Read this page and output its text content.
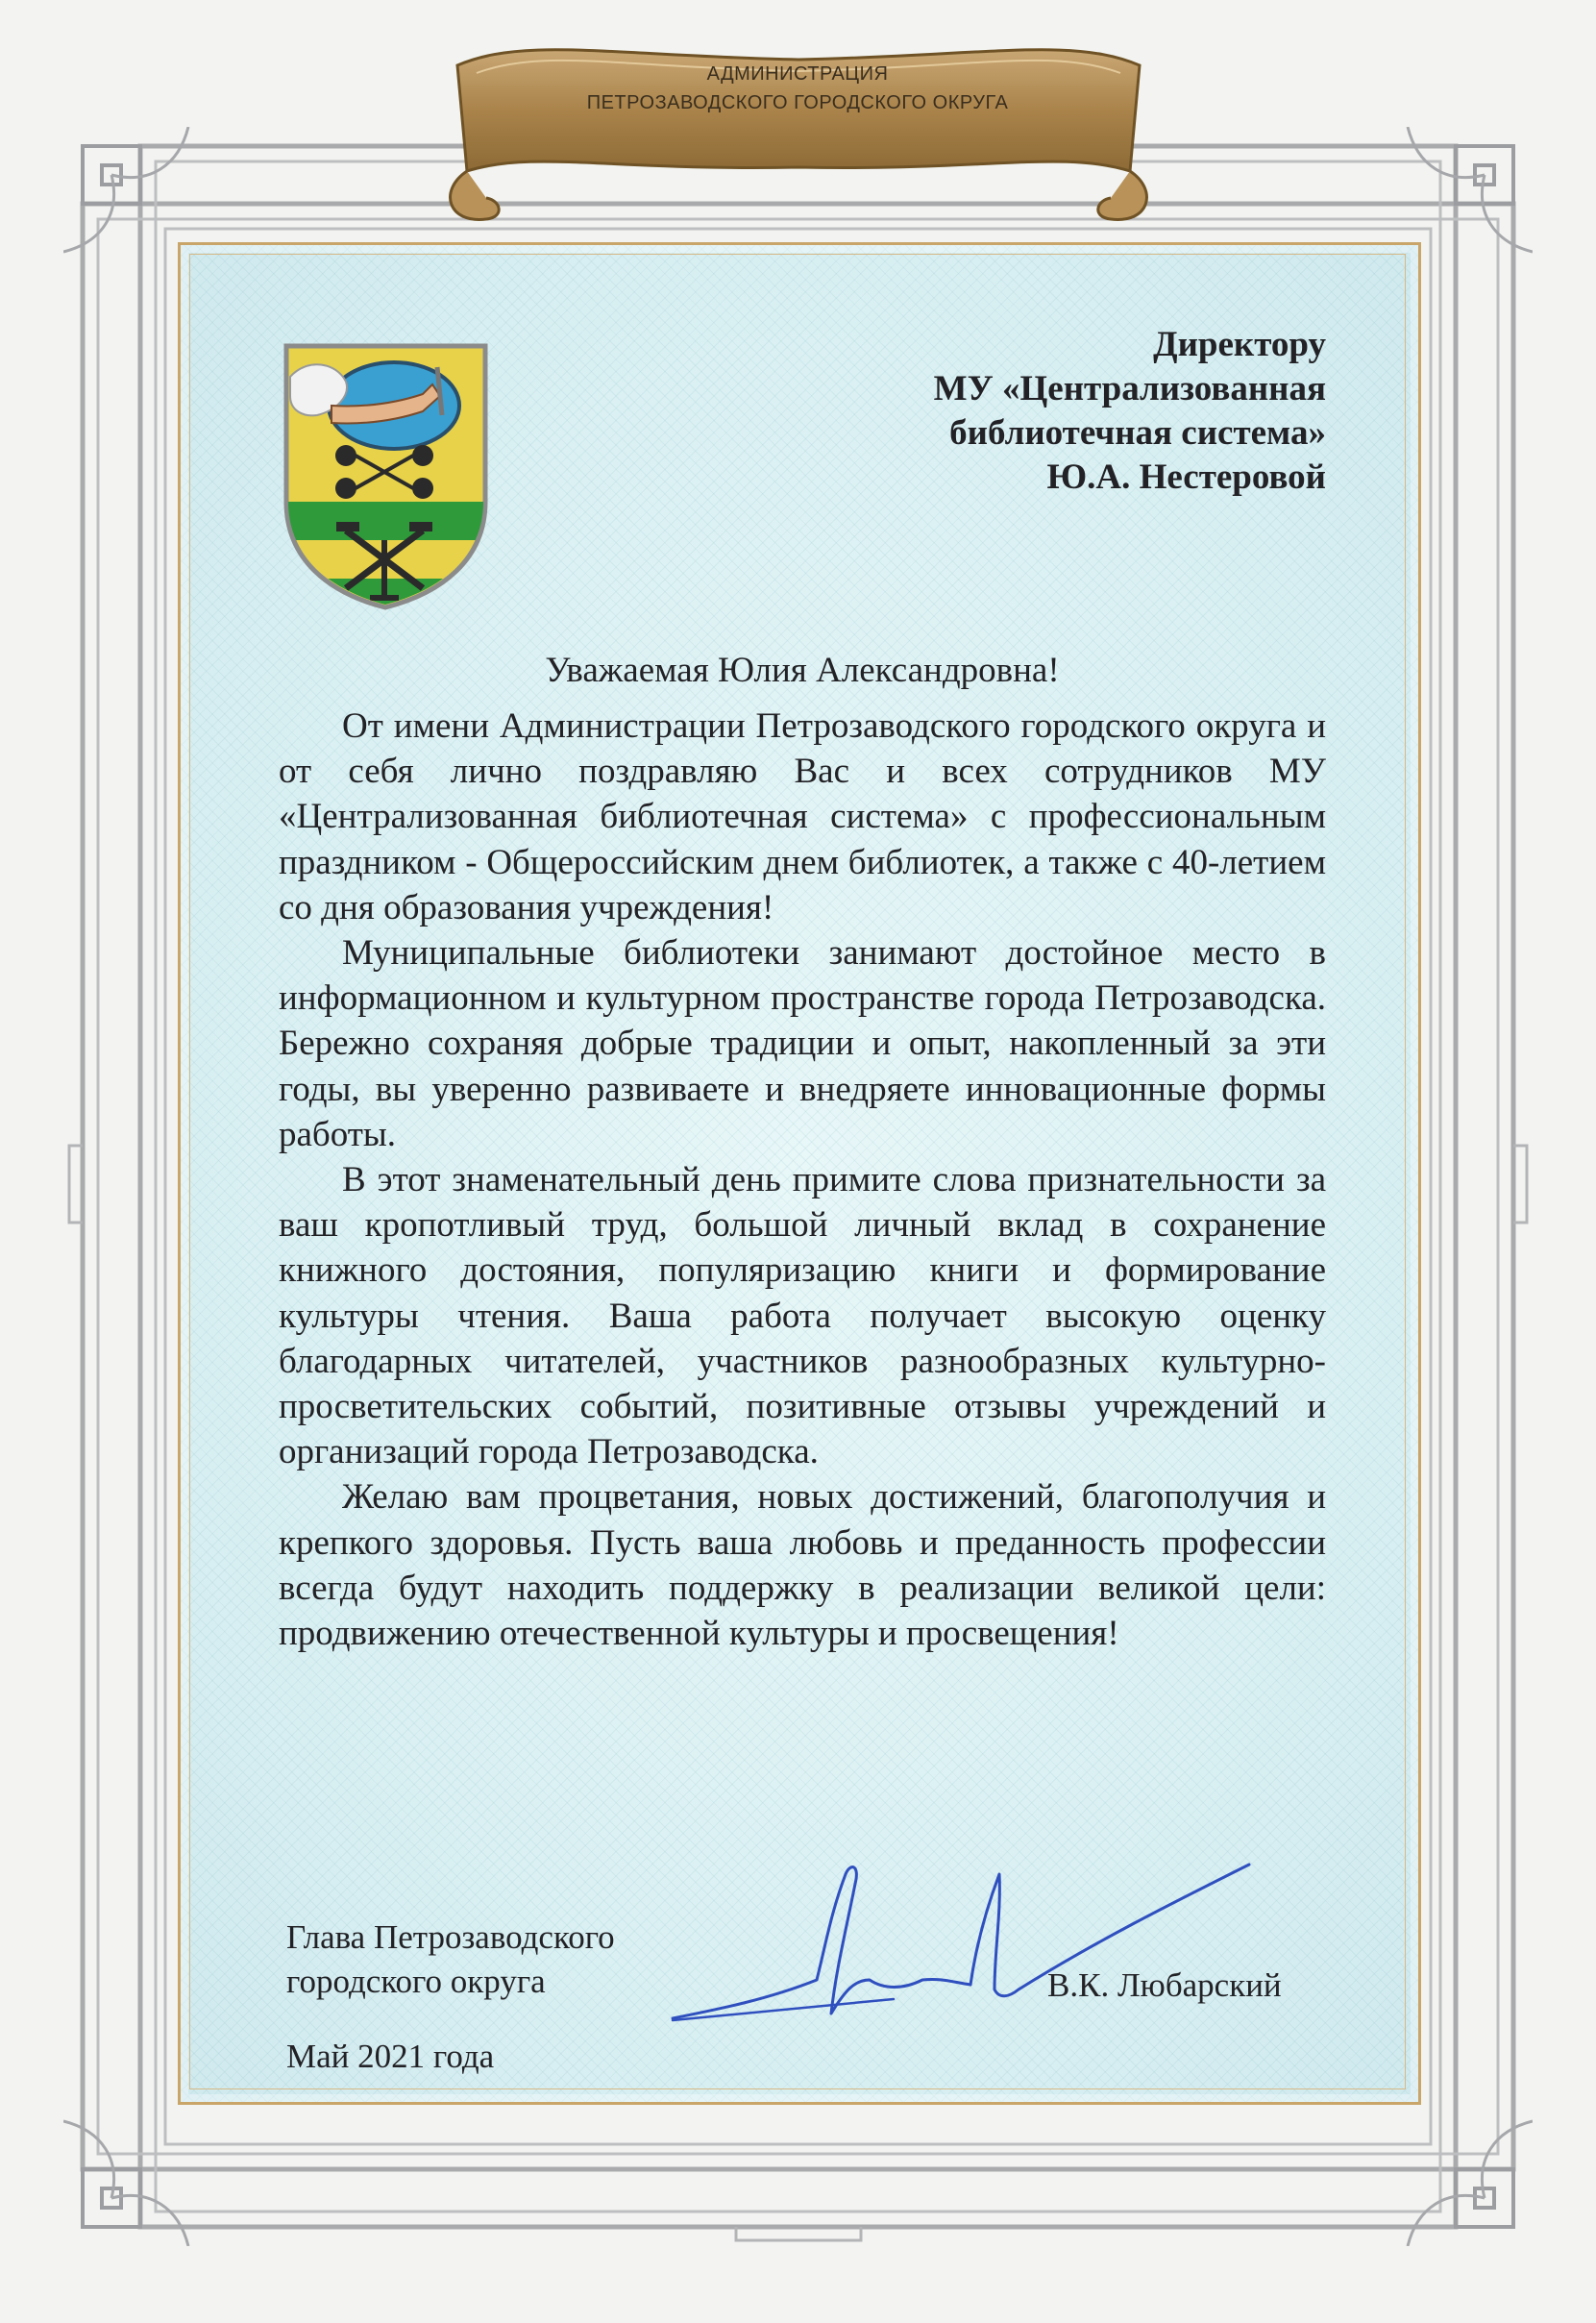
АДМИНИСТРАЦИЯ
ПЕТРОЗАВОДСКОГО ГОРОДСКОГО ОКРУГА
Директору
МУ «Централизованная
библиотечная система»
Ю.А. Нестеровой
Уважаемая Юлия Александровна!

От имени Администрации Петрозаводского городского округа и от себя лично поздравляю Вас и всех сотрудников МУ «Централизованная библиотечная система» с профессиональным праздником - Общероссийским днем библиотек, а также с 40-летием со дня образования учреждения!

Муниципальные библиотеки занимают достойное место в информационном и культурном пространстве города Петрозаводска. Бережно сохраняя добрые традиции и опыт, накопленный за эти годы, вы уверенно развиваете и внедряете инновационные формы работы.

В этот знаменательный день примите слова признательности за ваш кропотливый труд, большой личный вклад в сохранение книжного достояния, популяризацию книги и формирование культуры чтения. Ваша работа получает высокую оценку благодарных читателей, участников разнообразных культурно-просветительских событий, позитивные отзывы учреждений и организаций города Петрозаводска.

Желаю вам процветания, новых достижений, благополучия и крепкого здоровья. Пусть ваша любовь и преданность профессии всегда будут находить поддержку в реализации великой цели: продвижению отечественной культуры и просвещения!

Глава Петрозаводского
городского округа	В.К. Любарский
Май 2021 года
